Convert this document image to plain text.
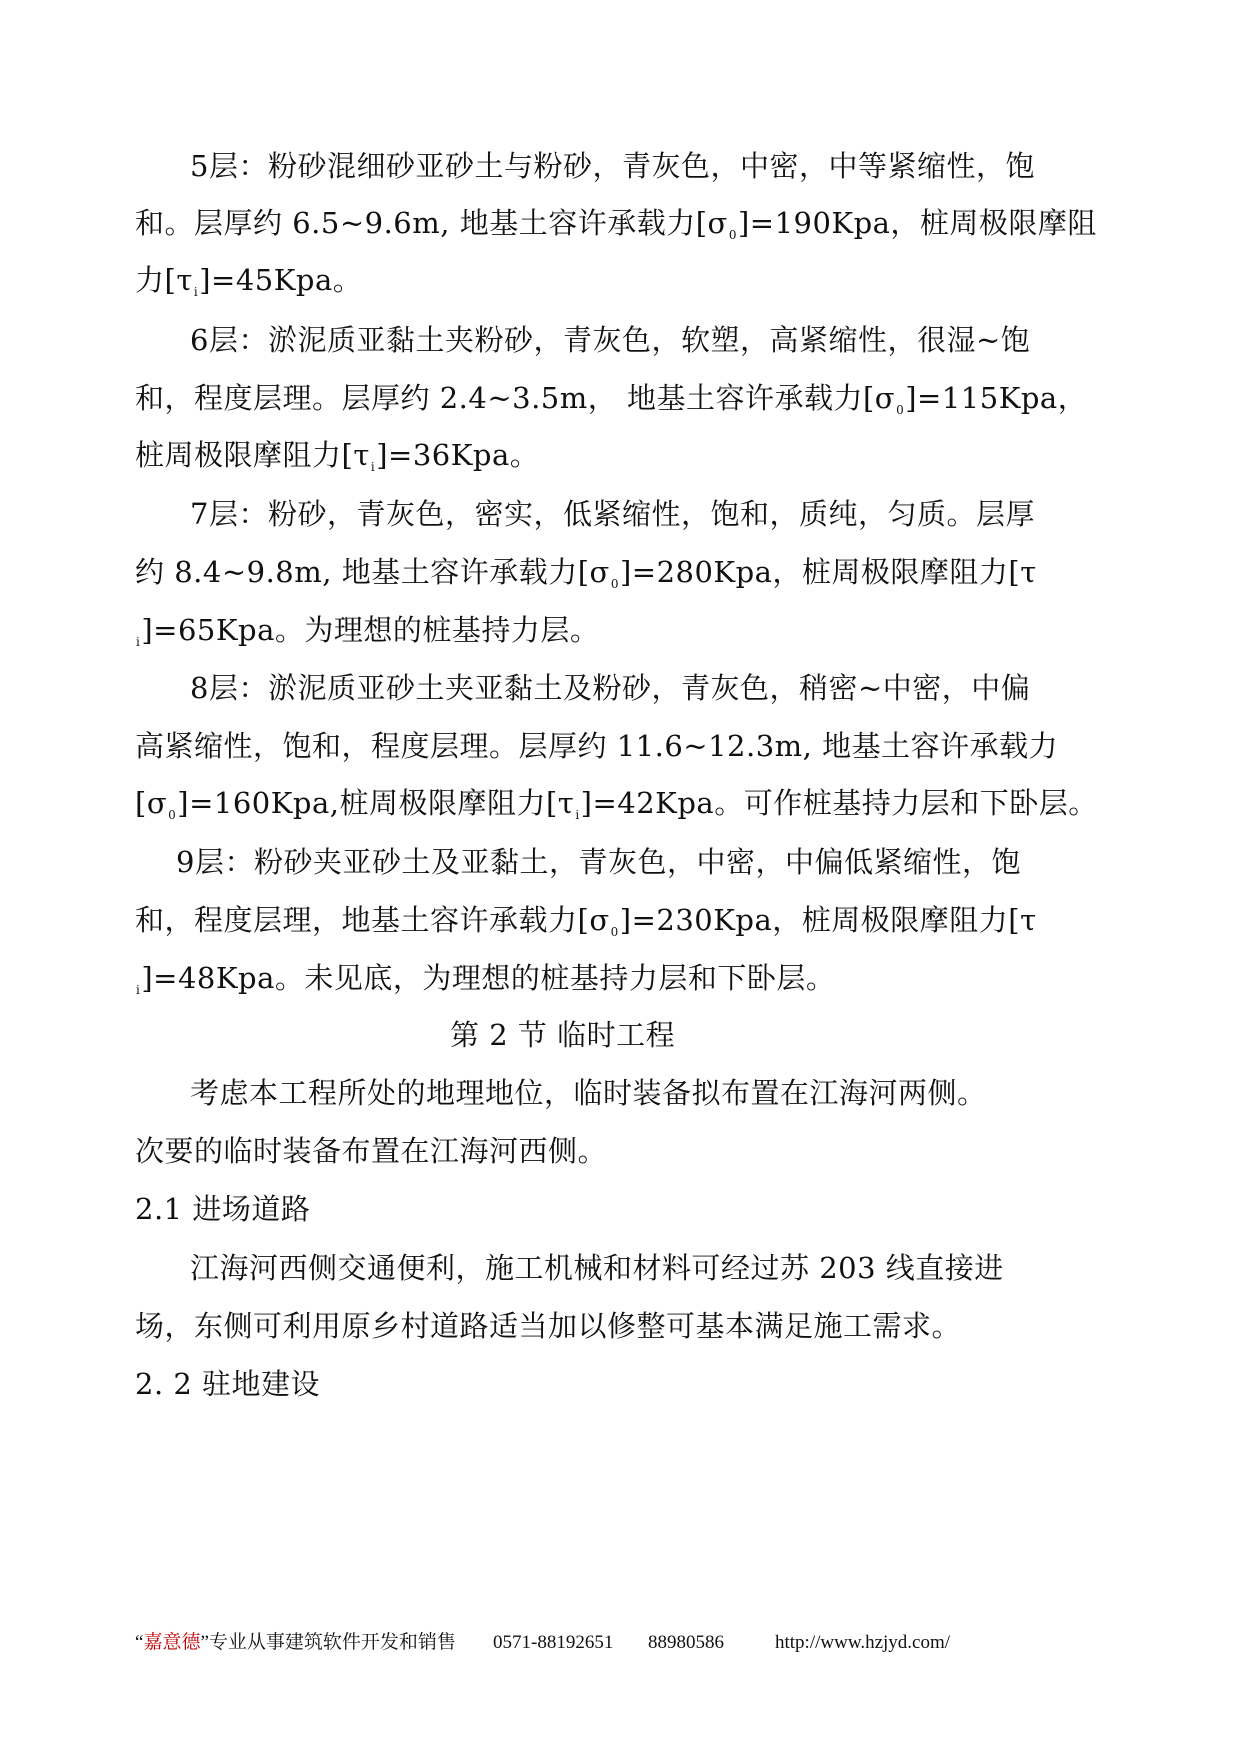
5层：粉砂混细砂亚砂土与粉砂，青灰色，中密，中等紧缩性，饱
和。层厚约 6.5~9.6m, 地基土容许承载力$[\sigma_0]=190Kpa$，桩周极限摩阻
力$[\tau_i]=45Kpa$。
6层：淤泥质亚黏土夹粉砂，青灰色，软塑，高紧缩性，很湿~饱
和，程度层理。层厚约 2.4~3.5m， 地基土容许承载力$[\sigma_0]=115Kpa$，
桩周极限摩阻力$[\tau_i]=36Kpa$。
7层：粉砂，青灰色，密实，低紧缩性，饱和，质纯，匀质。层厚
约 8.4~9.8m, 地基土容许承载力$[\sigma_0]=280Kpa$，桩周极限摩阻力[τ
$_i$]=65Kpa。为理想的桩基持力层。
8层：淤泥质亚砂土夹亚黏土及粉砂，青灰色，稍密~中密，中偏
高紧缩性，饱和，程度层理。层厚约 11.6~12.3m, 地基土容许承载力
$[\sigma_0]=160Kpa$,桩周极限摩阻力$[\tau_i]=42Kpa$。可作桩基持力层和下卧层。
9层：粉砂夹亚砂土及亚黏土，青灰色，中密，中偏低紧缩性，饱
和，程度层理，地基土容许承载力$[\sigma_0]=230Kpa$，桩周极限摩阻力[τ
$_i$]=48Kpa。未见底，为理想的桩基持力层和下卧层。
第 2 节 临时工程
考虑本工程所处的地理地位，临时装备拟布置在江海河两侧。
次要的临时装备布置在江海河西侧。
2.1 进场道路
江海河西侧交通便利，施工机械和材料可经过苏 203 线直接进
场，东侧可利用原乡村道路适当加以修整可基本满足施工需求。
2. 2 驻地建设
“嘉意德”专业从事建筑软件开发和销售 0571-88192651 88980586	http://www.hzjyd.com/
